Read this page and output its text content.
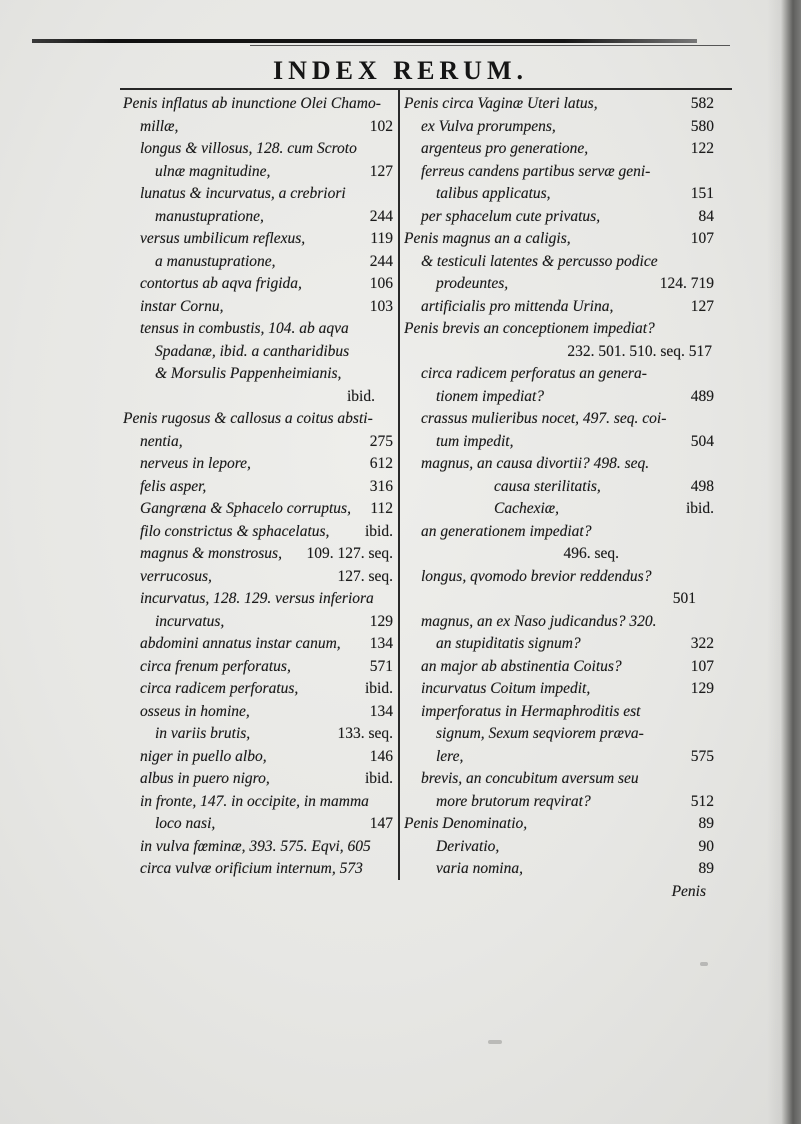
INDEX RERUM.
Penis inflatus ab inunctione Olei Chamo-
millæ,	102
longus & villosus, 128. cum Scroto
ulnæ magnitudine,	127
lunatus & incurvatus, a crebriori
manustupratione,	244
versus umbilicum reflexus,	119
a manustupratione,	244
contortus ab aqva frigida,	106
instar Cornu,	103
tensus in combustis, 104. ab aqva
Spadanæ, ibid. a cantharidibus
& Morsulis Pappenheimianis,
ibid.
Penis rugosus & callosus a coitus absti-
nentia,	275
nerveus in lepore,	612
felis asper,	316
Gangræna & Sphacelo corruptus,	112
filo constrictus & sphacelatus,	ibid.
magnus & monstrosus,	109. 127. seq.
verrucosus,	127. seq.
incurvatus, 128. 129. versus inferiora
incurvatus,	129
abdomini annatus instar canum,	134
circa frenum perforatus,	571
circa radicem perforatus,	ibid.
osseus in homine,	134
in variis brutis,	133. seq.
niger in puello albo,	146
albus in puero nigro,	ibid.
in fronte, 147. in occipite, in mamma
loco nasi,	147
in vulva fœminæ, 393. 575. Eqvi, 605
circa vulvæ orificium internum, 573
Penis circa Vaginæ Uteri latus,	582
ex Vulva prorumpens,	580
argenteus pro generatione,	122
ferreus candens partibus servæ geni-
talibus applicatus,	151
per sphacelum cute privatus,	84
Penis magnus an a caligis,	107
& testiculi latentes & percusso podice
prodeuntes,	124. 719
artificialis pro mittenda Urina,	127
Penis brevis an conceptionem impediat?
232. 501. 510. seq. 517
circa radicem perforatus an genera-
tionem impediat?	489
crassus mulieribus nocet, 497. seq. coi-
tum impedit,	504
magnus, an causa divortii? 498. seq.
causa sterilitatis,	498
Cachexiæ,	ibid.
an generationem impediat?
496. seq.
longus, qvomodo brevior reddendus?
501
magnus, an ex Naso judicandus? 320.
an stupiditatis signum?	322
an major ab abstinentia Coitus?	107
incurvatus Coitum impedit,	129
imperforatus in Hermaphroditis est
signum, Sexum seqviorem præva-
lere,	575
brevis, an concubitum aversum seu
more brutorum reqvirat?	512
Penis Denominatio,	89
Derivatio,	90
varia nomina,	89
Penis
